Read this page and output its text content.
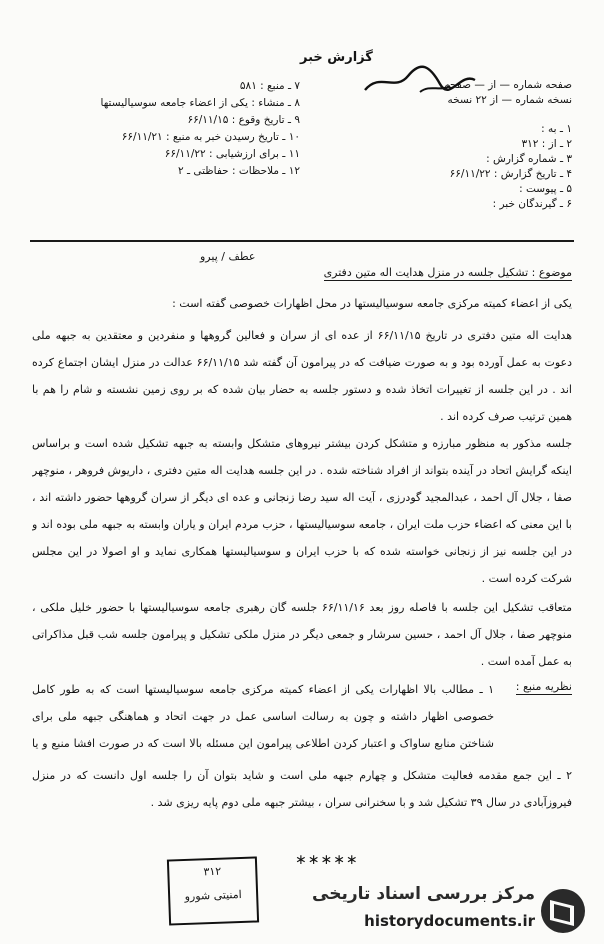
گزارش خبر
صفحه شماره — از — صفحه
نسخه شماره — از ۲۲ نسخه
۱ ـ به :
۲ ـ از : ۳۱۲
۳ ـ شماره گزارش :
۴ ـ تاریخ گزارش : ۶۶/۱۱/۲۲
۵ ـ پیوست :
۶ ـ گیرندگان خبر :
۷ ـ منبع : ۵۸۱
۸ ـ منشاء : یکی از اعضاء جامعه سوسیالیستها
۹ ـ تاریخ وقوع : ۶۶/۱۱/۱۵
۱۰ ـ تاریخ رسیدن خبر به منبع : ۶۶/۱۱/۲۱
۱۱ ـ برای ارزشیابی : ۶۶/۱۱/۲۲
۱۲ ـ ملاحظات : حفاظتی ـ ۲
عطف / پیرو
موضوع : تشکیل جلسه در منزل هدایت اله متین دفتری
یکی از اعضاء کمیته مرکزی جامعه سوسیالیستها در محل اظهارات خصوصی گفته است :
هدایت اله متین دفتری در تاریخ ۶۶/۱۱/۱۵ از عده ای از سران و فعالین گروهها و منفردین و معتقدین به جبهه ملی دعوت به عمل آورده بود و به صورت ضیافت که در پیرامون آن گفته شد ۶۶/۱۱/۱۵ عدالت در منزل ایشان اجتماع کرده اند . در این جلسه از تغییرات اتخاذ شده و دستور جلسه به حضار بیان شده که بر روی زمین نشسته و شام را هم با همین ترتیب صرف کرده اند .
جلسه مذکور به منظور مبارزه و متشکل کردن بیشتر نیروهای متشکل وابسته به جبهه تشکیل شده است و براساس اینکه گرایش اتحاد در آینده بتواند از افراد شناخته شده . در این جلسه هدایت اله متین دفتری ، داریوش فروهر ، منوچهر صفا ، جلال آل احمد ، عبدالمجید گودرزی ، آیت اله سید رضا زنجانی و عده ای دیگر از سران گروهها حضور داشته اند ، با این معنی که اعضاء حزب ملت ایران ، جامعه سوسیالیستها ، حزب مردم ایران و یاران وابسته به جبهه ملی بوده اند و در این جلسه نیز از زنجانی خواسته شده که با حزب ایران و سوسیالیستها همکاری نماید و او اصولا در این مجلس شرکت کرده است .
متعاقب تشکیل این جلسه با فاصله روز بعد ۶۶/۱۱/۱۶ جلسه گان رهبری جامعه سوسیالیستها با حضور خلیل ملکی ، منوچهر صفا ، جلال آل احمد ، حسین سرشار و جمعی دیگر در منزل ملکی تشکیل و پیرامون جلسه شب قبل مذاکراتی به عمل آمده است .
نظریه منبع :
۱ ـ مطالب بالا اظهارات یکی از اعضاء کمیته مرکزی جامعه سوسیالیستها است که به طور کامل خصوصی اظهار داشته و چون به رسالت اساسی عمل در جهت اتحاد و هماهنگی جبهه ملی برای شناختن منابع ساواک و اعتبار کردن اطلاعی پیرامون این مسئله بالا است که در صورت افشا منبع و یا
۲ ـ این جمع مقدمه فعالیت متشکل و چهارم جبهه ملی است و شاید بتوان آن را جلسه اول دانست که در منزل فیروزآبادی در سال ۳۹ تشکیل شد و با سخنرانی سران ، بیشتر جبهه ملی دوم پایه ریزی شد .
∗∗∗∗∗
۳۱۲
امنیتی شورو	مرکز بررسی اسناد تاریخی
historydocuments.ir
